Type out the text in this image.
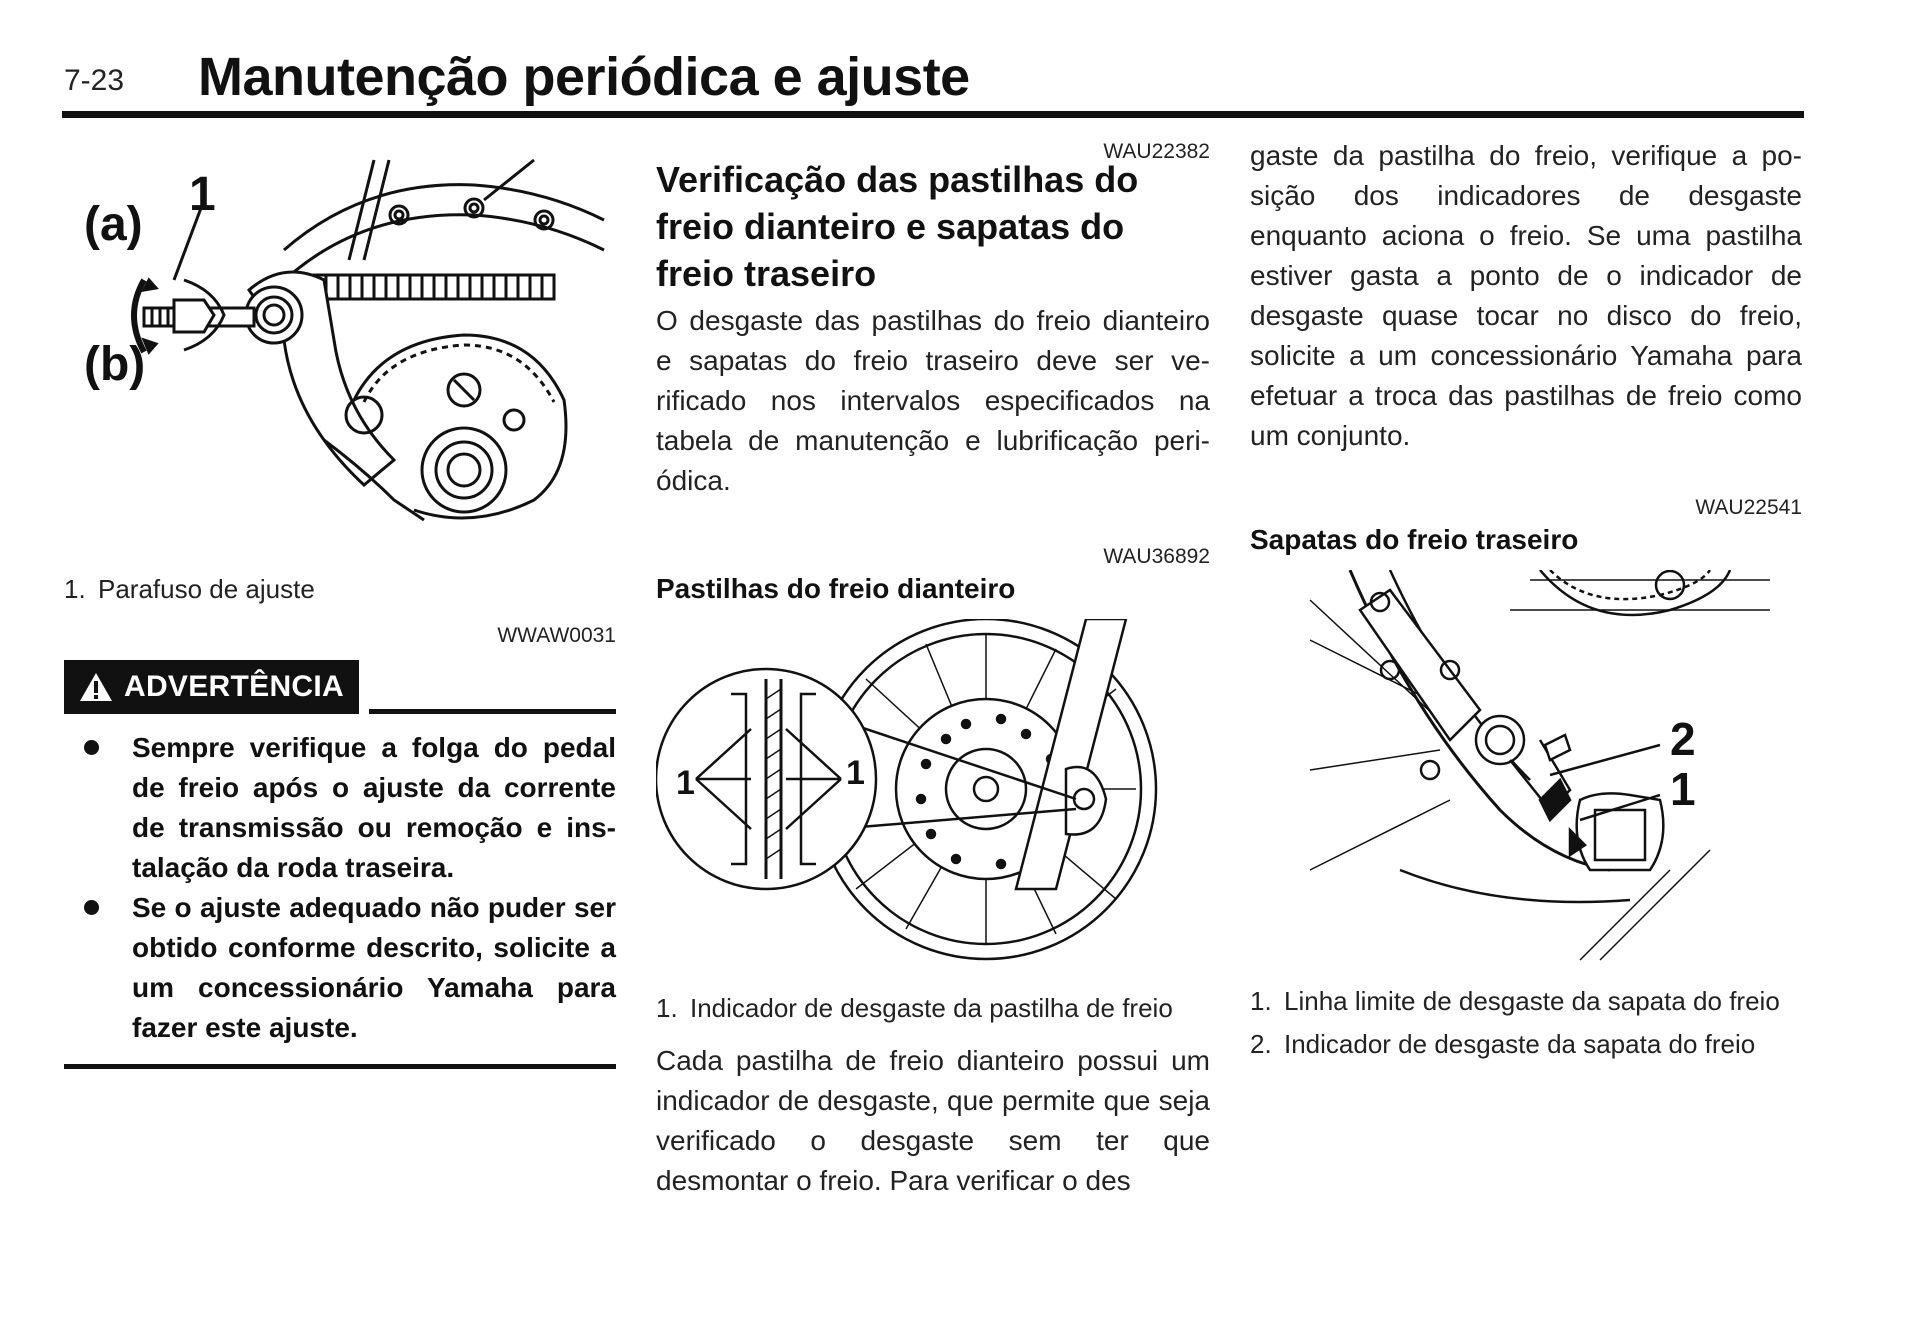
7-23 Manutenção periódica e ajuste
(a)
(b)
1
1. Parafuso de ajuste
WWAW0031
ADVERTÊNCIA
Sempre verifique a folga do pedal de freio após o ajuste da corrente de transmissão ou remoção e instalação da roda traseira.
Se o ajuste adequado não puder ser obtido conforme descrito, solicite a um concessionário Yamaha para fazer este ajuste.
WAU22382
Verificação das pastilhas do freio dianteiro e sapatas do freio traseiro
O desgaste das pastilhas do freio dianteiro e sapatas do freio traseiro deve ser verificado nos intervalos especificados na tabela de manutenção e lubrificação periódica.
WAU36892
Pastilhas do freio dianteiro
1	1
1. Indicador de desgaste da pastilha de freio
Cada pastilha de freio dianteiro possui um indicador de desgaste, que permite que seja verificado o desgaste sem ter que desmontar o freio. Para verificar o des
gaste da pastilha do freio, verifique a posição dos indicadores de desgaste enquanto aciona o freio. Se uma pastilha estiver gasta a ponto de o indicador de desgaste quase tocar no disco do freio, solicite a um concessionário Yamaha para efetuar a troca das pastilhas de freio como um conjunto.
WAU22541
Sapatas do freio traseiro
2
1
1. Linha limite de desgaste da sapata do freio
2. Indicador de desgaste da sapata do freio
